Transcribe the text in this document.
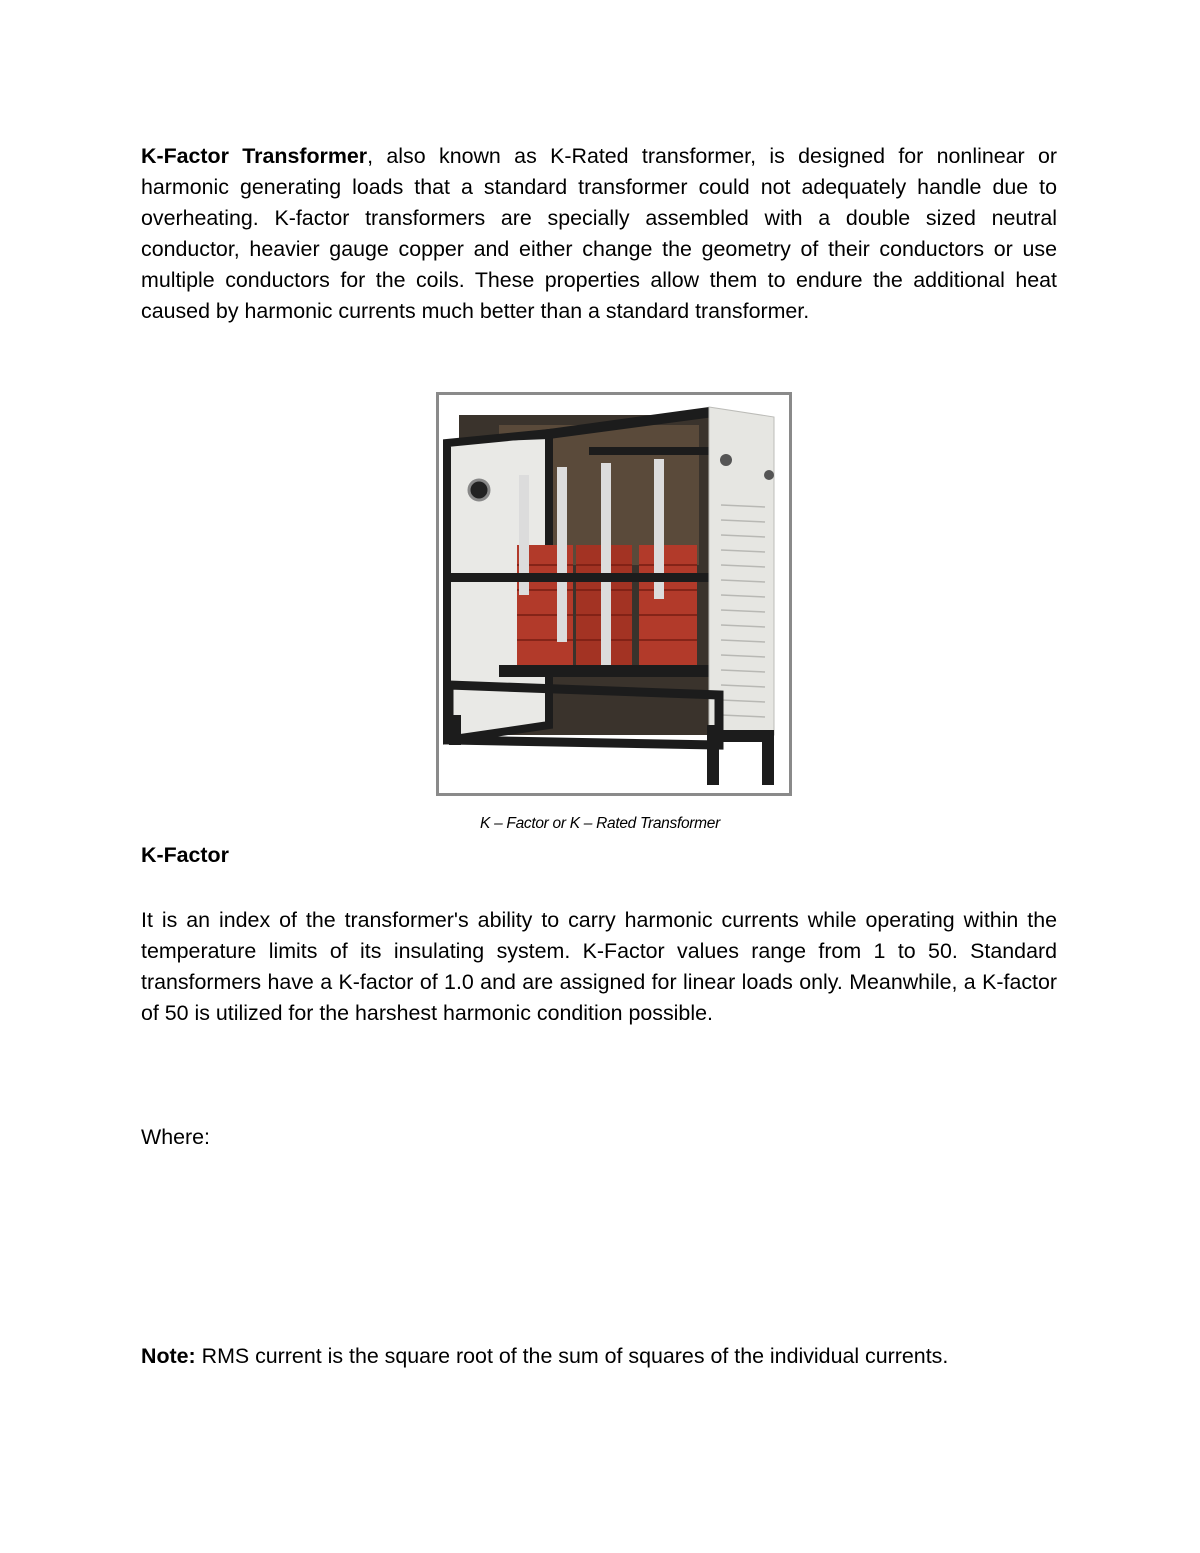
K-Factor Transformer, also known as K-Rated transformer, is designed for nonlinear or harmonic generating loads that a standard transformer could not adequately handle due to overheating. K-factor transformers are specially assembled with a double sized neutral conductor, heavier gauge copper and either change the geometry of their conductors or use multiple conductors for the coils. These properties allow them to endure the additional heat caused by harmonic currents much better than a standard transformer.

K – Factor or K – Rated Transformer

K-Factor

It is an index of the transformer's ability to carry harmonic currents while operating within the temperature limits of its insulating system. K-Factor values range from 1 to 50. Standard transformers have a K-factor of 1.0 and are assigned for linear loads only. Meanwhile, a K-factor of 50 is utilized for the harshest harmonic condition possible.

Where:

Note: RMS current is the square root of the sum of squares of the individual currents.
